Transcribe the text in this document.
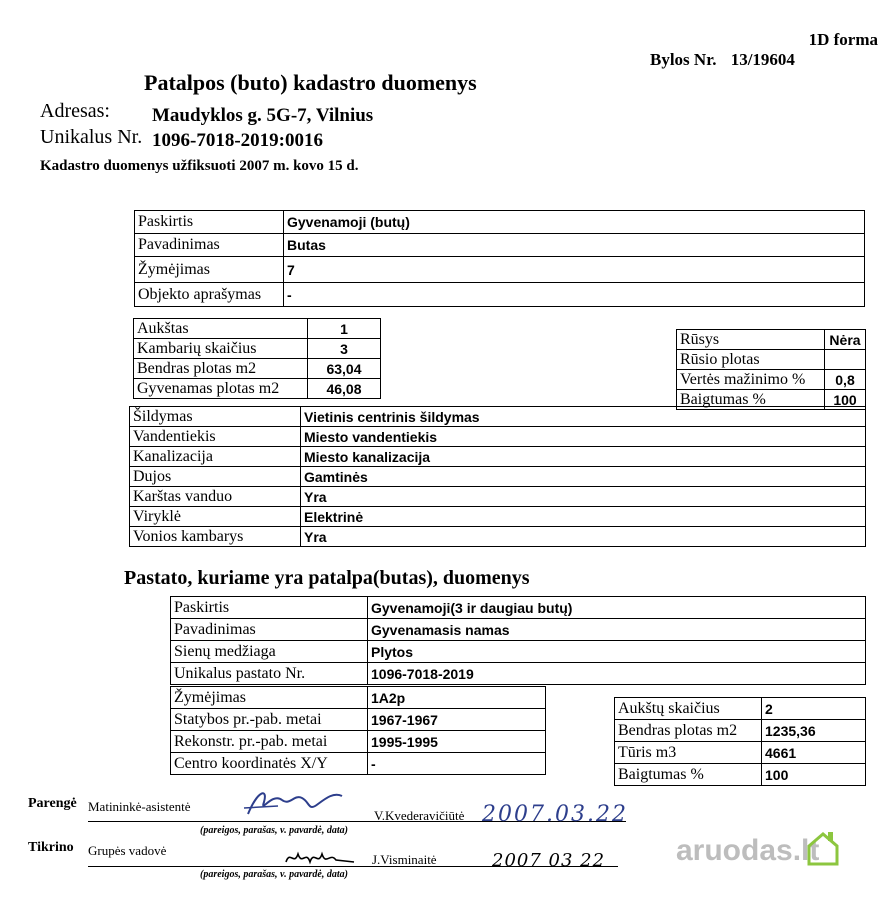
1D forma
Bylos Nr. 13/19604
Patalpos (buto) kadastro duomenys
Adresas: Maudyklos g. 5G-7, Vilnius
Unikalus Nr. 1096-7018-2019:0016
Kadastro duomenys užfiksuoti 2007 m. kovo 15 d.
Paskirtis	Gyvenamoji (butų)
Pavadinimas	Butas
Žymėjimas	7
Objekto aprašymas	-
Aukštas	1
Kambarių skaičius	3
Bendras plotas m2	63,04
Gyvenamas plotas m2	46,08
Rūsys	Nėra
Rūsio plotas	
Vertės mažinimo %	0,8
Baigtumas %	100
Šildymas	Vietinis centrinis šildymas
Vandentiekis	Miesto vandentiekis
Kanalizacija	Miesto kanalizacija
Dujos	Gamtinės
Karštas vanduo	Yra
Viryklė	Elektrinė
Vonios kambarys	Yra
Pastato, kuriame yra patalpa(butas), duomenys
Paskirtis	Gyvenamoji(3 ir daugiau butų)
Pavadinimas	Gyvenamasis namas
Sienų medžiaga	Plytos
Unikalus pastato Nr.	1096-7018-2019
Žymėjimas	1A2p
Statybos pr.-pab. metai	1967-1967
Rekonstr. pr.-pab. metai	1995-1995
Centro koordinatės X/Y	-
Aukštų skaičius	2
Bendras plotas m2	1235,36
Tūris m3	4661
Baigtumas %	100
Parengė Matininkė-asistentė
V.Kvederavičiūtė 2007.03.22
(pareigos, parašas, v. pavardė, data)
Tikrino Grupės vadovė
J.Visminaitė	2007 03 22
(pareigos, parašas, v. pavardė, data)
aruodas.lt
